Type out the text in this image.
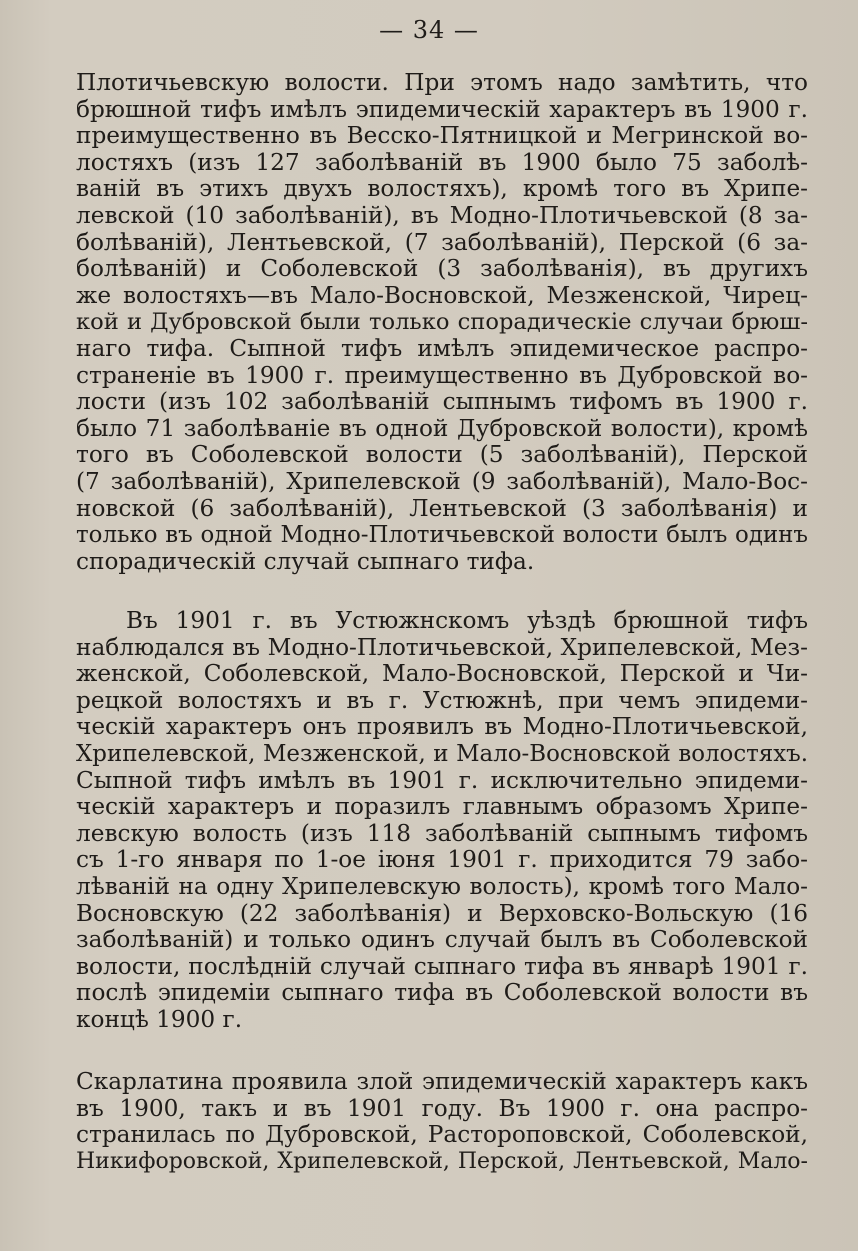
— 34 —
Плотичьевскую волости. При этомъ надо замѣтить, что
брюшной тифъ имѣлъ эпидемическій характеръ въ 1900 г.
преимущественно въ Весско-Пятницкой и Мегринской во-
лостяхъ (изъ 127 заболѣваній въ 1900 было 75 заболѣ-
ваній въ этихъ двухъ волостяхъ), кромѣ того въ Хрипе-
левской (10 заболѣваній), въ Модно-Плотичьевской (8 за-
болѣваній), Лентьевской, (7 заболѣваній), Перской (6 за-
болѣваній) и Соболевской (3 заболѣванія), въ другихъ
же волостяхъ—въ Мало-Восновской, Мезженской, Чирец-
кой и Дубровской были только спорадическіе случаи брюш-
наго тифа. Сыпной тифъ имѣлъ эпидемическое распро-
страненіе въ 1900 г. преимущественно въ Дубровской во-
лости (изъ 102 заболѣваній сыпнымъ тифомъ въ 1900 г.
было 71 заболѣваніе въ одной Дубровской волости), кромѣ
того въ Соболевской волости (5 заболѣваній), Перской
(7 заболѣваній), Хрипелевской (9 заболѣваній), Мало-Вос-
новской (6 заболѣваній), Лентьевской (3 заболѣванія) и
только въ одной Модно-Плотичьевской волости былъ одинъ
спорадическій случай сыпнаго тифа.
Въ 1901 г. въ Устюжнскомъ уѣздѣ брюшной тифъ
наблюдался въ Модно-Плотичьевской, Хрипелевской, Мез-
женской, Соболевской, Мало-Восновской, Перской и Чи-
рецкой волостяхъ и въ г. Устюжнѣ, при чемъ эпидеми-
ческій характеръ онъ проявилъ въ Модно-Плотичьевской,
Хрипелевской, Мезженской, и Мало-Восновской волостяхъ.
Сыпной тифъ имѣлъ въ 1901 г. исключительно эпидеми-
ческій характеръ и поразилъ главнымъ образомъ Хрипе-
левскую волость (изъ 118 заболѣваній сыпнымъ тифомъ
съ 1-го января по 1-ое іюня 1901 г. приходится 79 забо-
лѣваній на одну Хрипелевскую волость), кромѣ того Мало-
Восновскую (22 заболѣванія) и Верховско-Вольскую (16
заболѣваній) и только одинъ случай былъ въ Соболевской
волости, послѣдній случай сыпнаго тифа въ январѣ 1901 г.
послѣ эпидеміи сыпнаго тифа въ Соболевской волости въ
концѣ 1900 г.
Скарлатина проявила злой эпидемическій характеръ какъ
въ 1900, такъ и въ 1901 году. Въ 1900 г. она распро-
странилась по Дубровской, Растороповской, Соболевской,
Никифоровской, Хрипелевской, Перской, Лентьевской, Мало-
